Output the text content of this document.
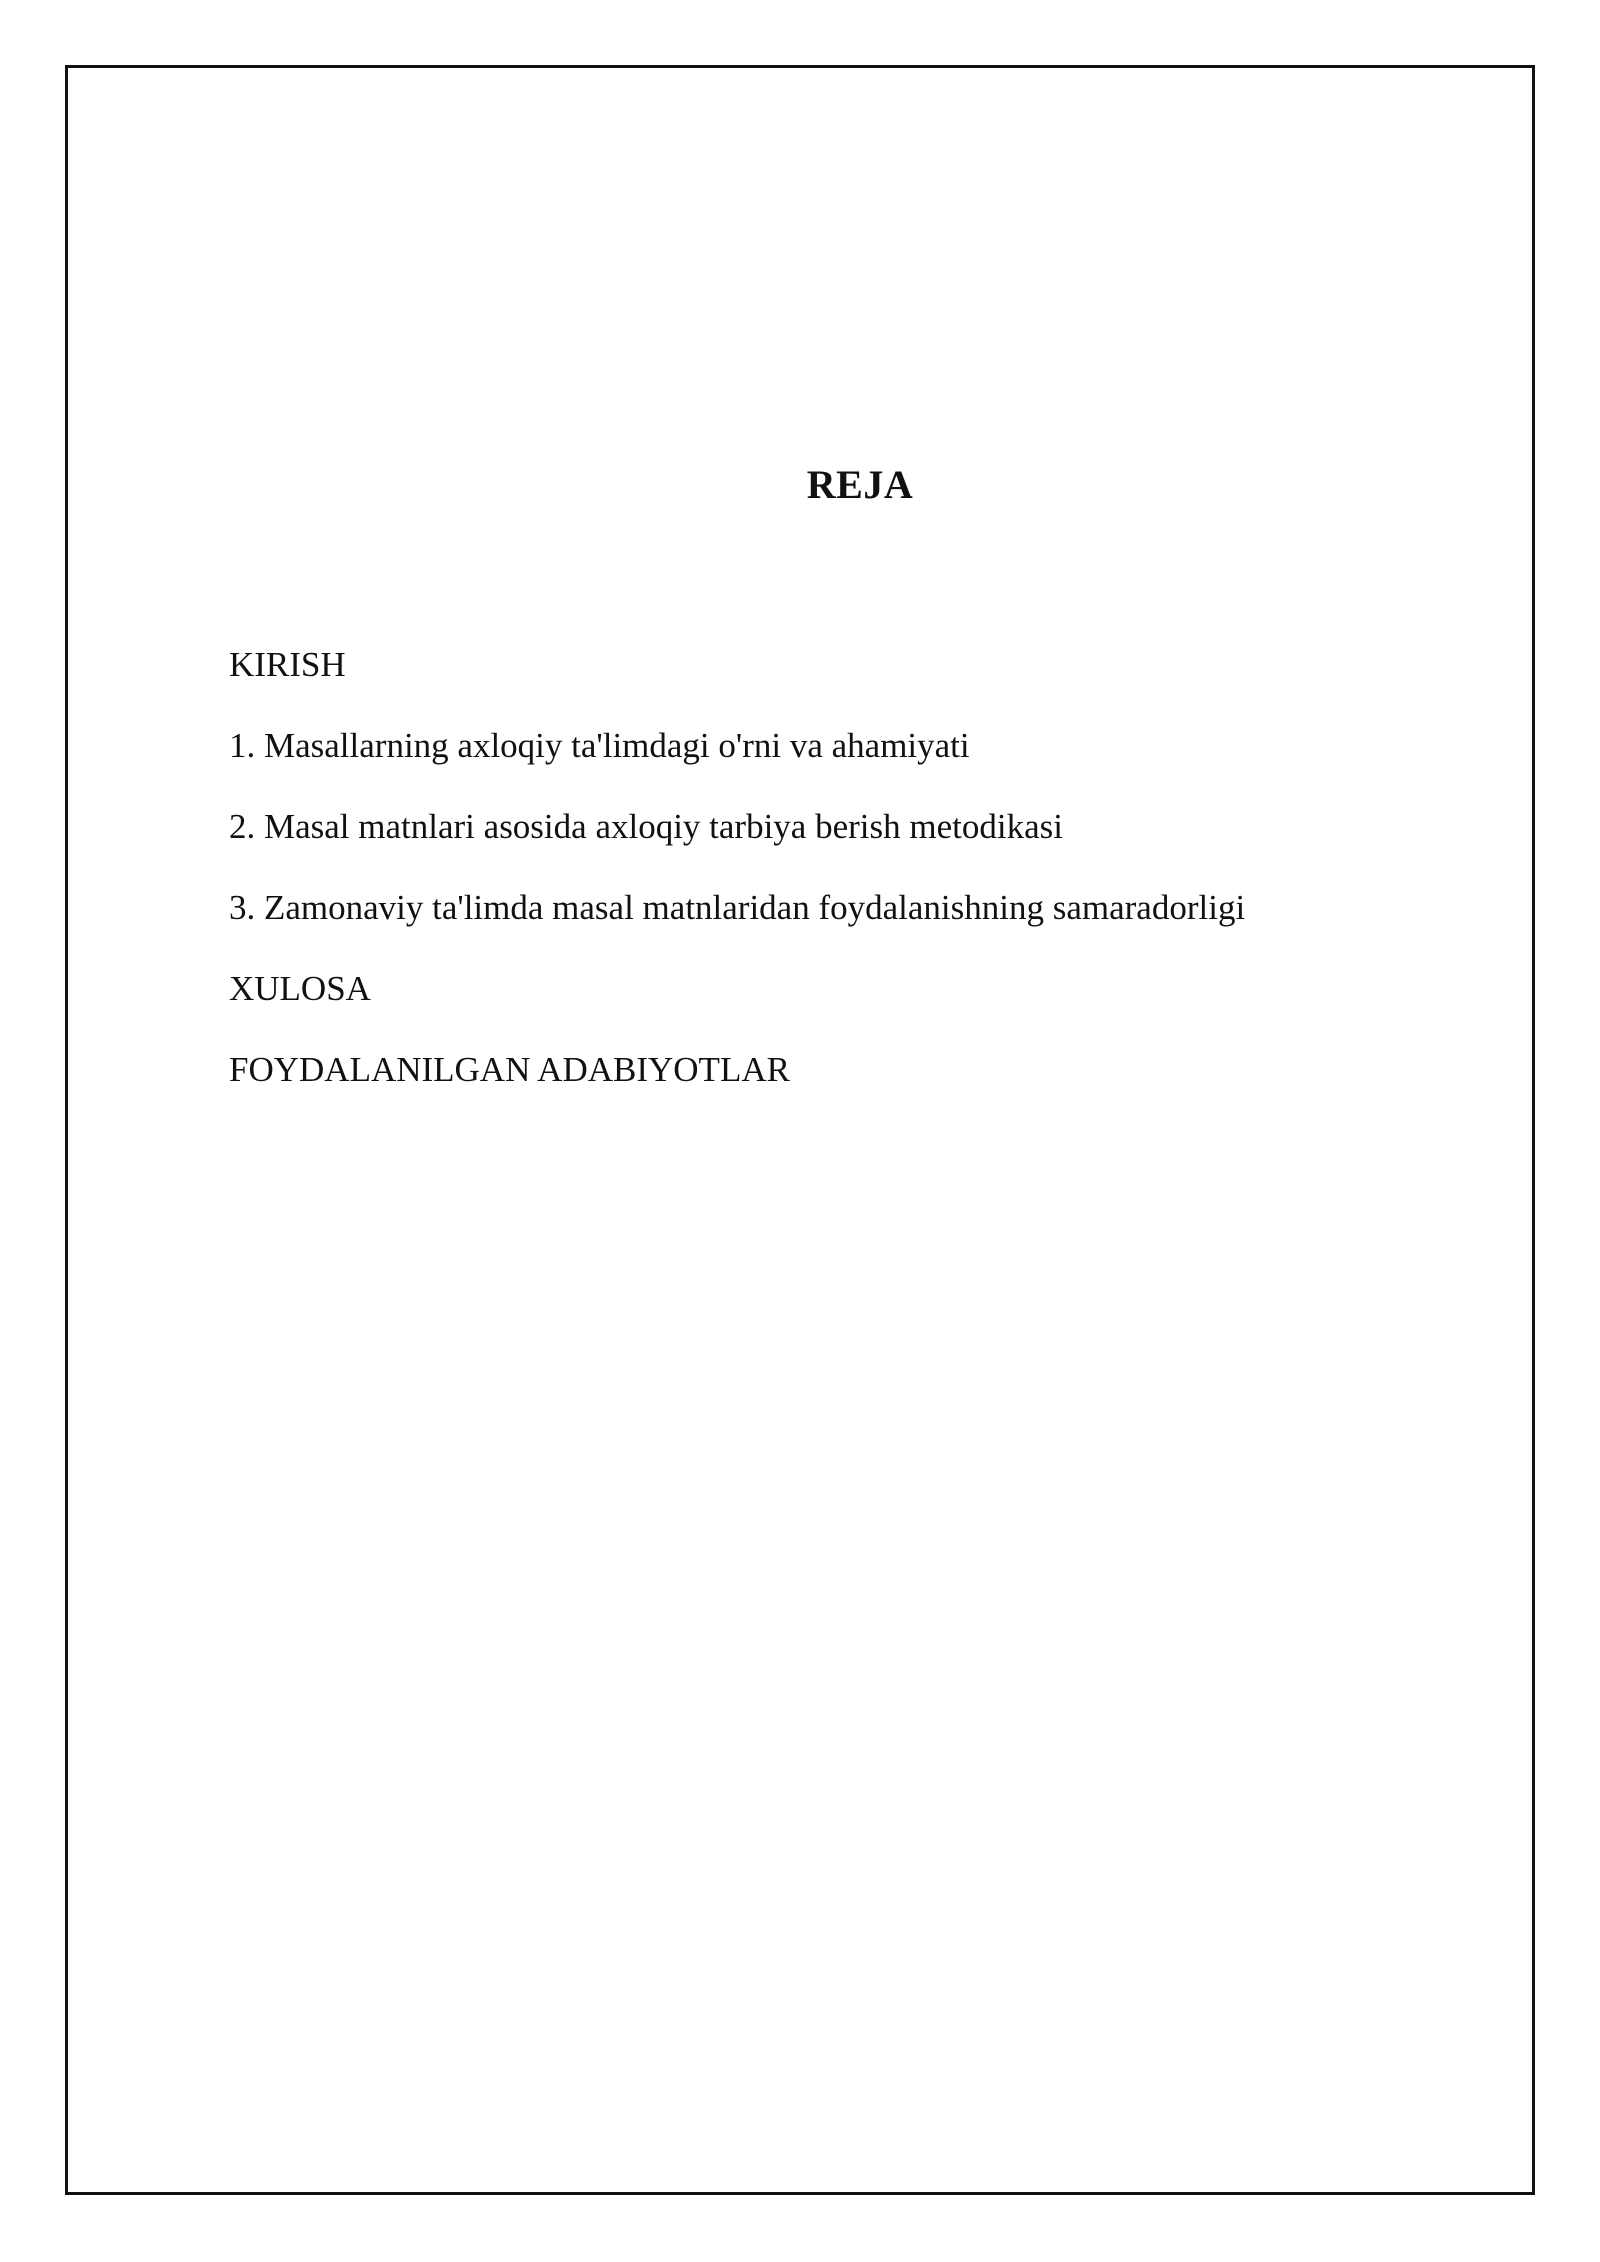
REJA
KIRISH
1. Masallarning axloqiy ta'limdagi o'rni va ahamiyati
2. Masal matnlari asosida axloqiy tarbiya berish metodikasi
3. Zamonaviy ta'limda masal matnlaridan foydalanishning samaradorligi
XULOSA
FOYDALANILGAN ADABIYOTLAR
